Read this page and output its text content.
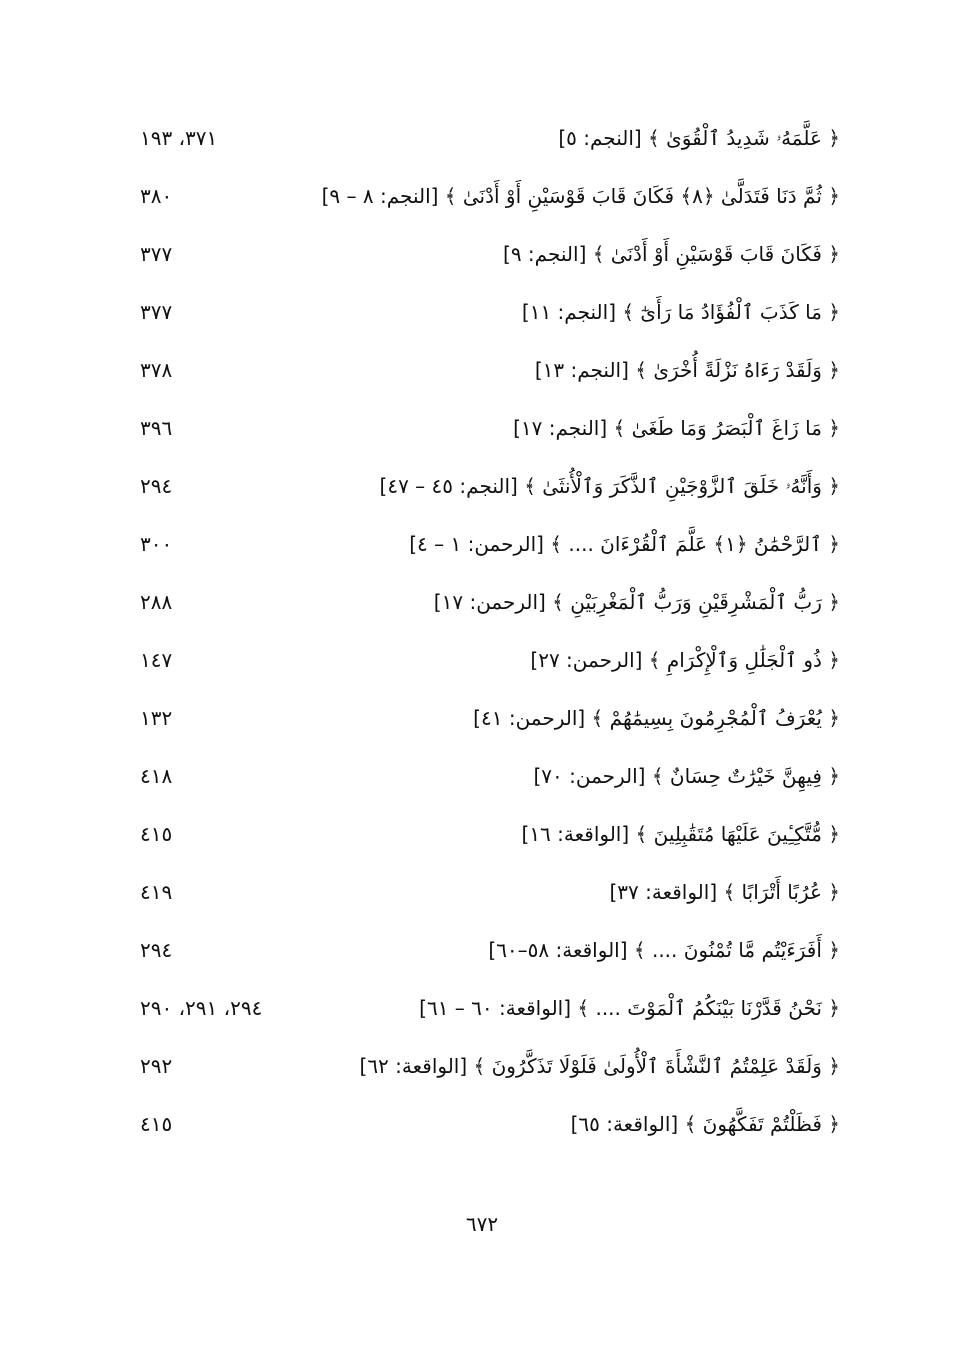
﴿ عَلَّمَهُۥ شَدِيدُ ٱلْقُوَىٰ ﴾ [النجم: ٥]
٣٧١، ١٩٣
﴿ ثُمَّ دَنَا فَتَدَلَّىٰ ﴿٨﴾ فَكَانَ قَابَ قَوْسَيْنِ أَوْ أَدْنَىٰ ﴾ [النجم: ٨ – ٩]
٣٨٠
﴿ فَكَانَ قَابَ قَوْسَيْنِ أَوْ أَدْنَىٰ ﴾ [النجم: ٩]
٣٧٧
﴿ مَا كَذَبَ ٱلْفُؤَادُ مَا رَأَىٰٓ ﴾ [النجم: ١١]
٣٧٧
﴿ وَلَقَدْ رَءَاهُ نَزْلَةً أُخْرَىٰ ﴾ [النجم: ١٣]
٣٧٨
﴿ مَا زَاغَ ٱلْبَصَرُ وَمَا طَغَىٰ ﴾ [النجم: ١٧]
٣٩٦
﴿ وَأَنَّهُۥ خَلَقَ ٱلزَّوْجَيْنِ ٱلذَّكَرَ وَٱلْأُنثَىٰ ﴾ [النجم: ٤٥ – ٤٧]
٢٩٤
﴿ ٱلرَّحْمَٰنُ ﴿١﴾ عَلَّمَ ٱلْقُرْءَانَ .... ﴾ [الرحمن: ١ – ٤]
٣٠٠
﴿ رَبُّ ٱلْمَشْرِقَيْنِ وَرَبُّ ٱلْمَغْرِبَيْنِ ﴾ [الرحمن: ١٧]
٢٨٨
﴿ ذُو ٱلْجَلَٰلِ وَٱلْإِكْرَامِ ﴾ [الرحمن: ٢٧]
١٤٧
﴿ يُعْرَفُ ٱلْمُجْرِمُونَ بِسِيمَٰهُمْ ﴾ [الرحمن: ٤١]
١٣٢
﴿ فِيهِنَّ خَيْرَٰتٌ حِسَانٌ ﴾ [الرحمن: ٧٠]
٤١٨
﴿ مُّتَّكِـِٔينَ عَلَيْهَا مُتَقَٰبِلِينَ ﴾ [الواقعة: ١٦]
٤١٥
﴿ عُرُبًا أَتْرَابًا ﴾ [الواقعة: ٣٧]
٤١٩
﴿ أَفَرَءَيْتُم مَّا تُمْنُونَ .... ﴾ [الواقعة: ٥٨–٦٠]
٢٩٤
﴿ نَحْنُ قَدَّرْنَا بَيْنَكُمُ ٱلْمَوْتَ .... ﴾ [الواقعة: ٦٠ – ٦١]
٢٩٤، ٢٩١، ٢٩٠
﴿ وَلَقَدْ عَلِمْتُمُ ٱلنَّشْأَةَ ٱلْأُولَىٰ فَلَوْلَا تَذَكَّرُونَ ﴾ [الواقعة: ٦٢]
٢٩٢
﴿ فَظَلْتُمْ تَفَكَّهُونَ ﴾ [الواقعة: ٦٥]
٤١٥
٦٧٢
